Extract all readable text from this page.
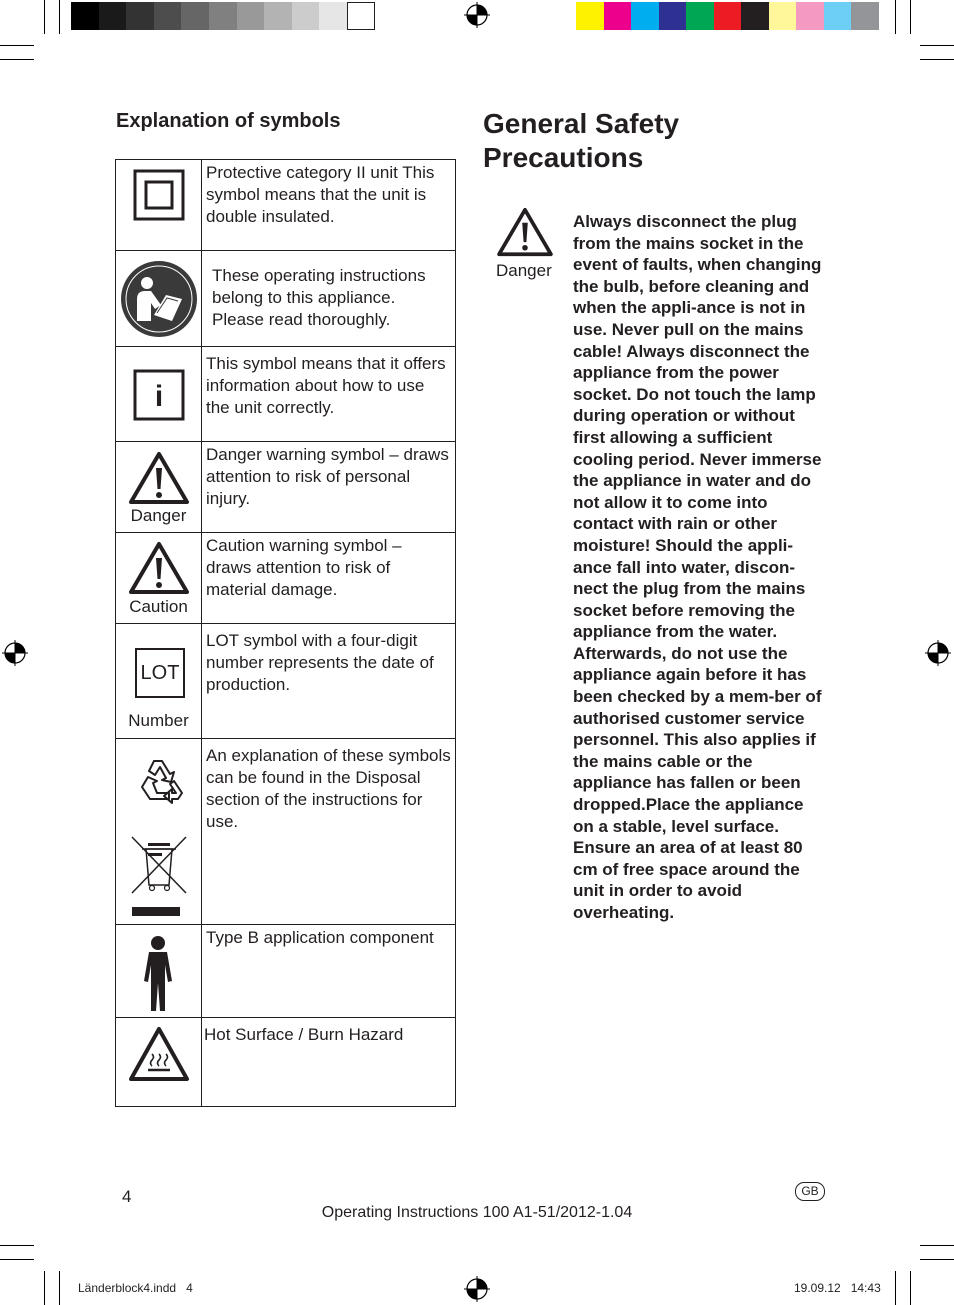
Explanation of symbols
	Protective category II unit This symbol means that the unit is double insulated.

	These operating instructions belong to this appliance. Please read thoroughly.

i	This symbol means that it offers information about how to use the unit correctly.

Danger	Danger warning symbol – draws attention to risk of personal injury.

Caution	Caution warning symbol – draws attention to risk of material damage.

LOT
Number	LOT symbol with a four-digit number represents the date of production.

	An explanation of these symbols can be found in the Disposal section of the instructions for use.

	Type B application component

	Hot Surface / Burn Hazard
General Safety
Precautions
Danger
Always disconnect the plug from the mains socket in the event of faults, when changing the bulb, before cleaning and when the appli-ance is not in use. Never pull on the mains cable! Always disconnect the appliance from the power socket. Do not touch the lamp during operation or without first allowing a sufficient cooling period. Never immerse the appliance in water and do not allow it to come into contact with rain or other moisture! Should the appli-ance fall into water, discon-nect the plug from the mains socket before removing the appliance from the water. Afterwards, do not use the appliance again before it has been checked by a mem-ber of authorised customer service personnel. This also applies if the mains cable or the appliance has fallen or been dropped.Place the appliance on a stable, level surface. Ensure an area of at least 80 cm of free space around the unit in order to avoid overheating.
4	GB
Operating Instructions 100 A1-51/2012-1.04
Länderblock4.indd   4	19.09.12   14:43
